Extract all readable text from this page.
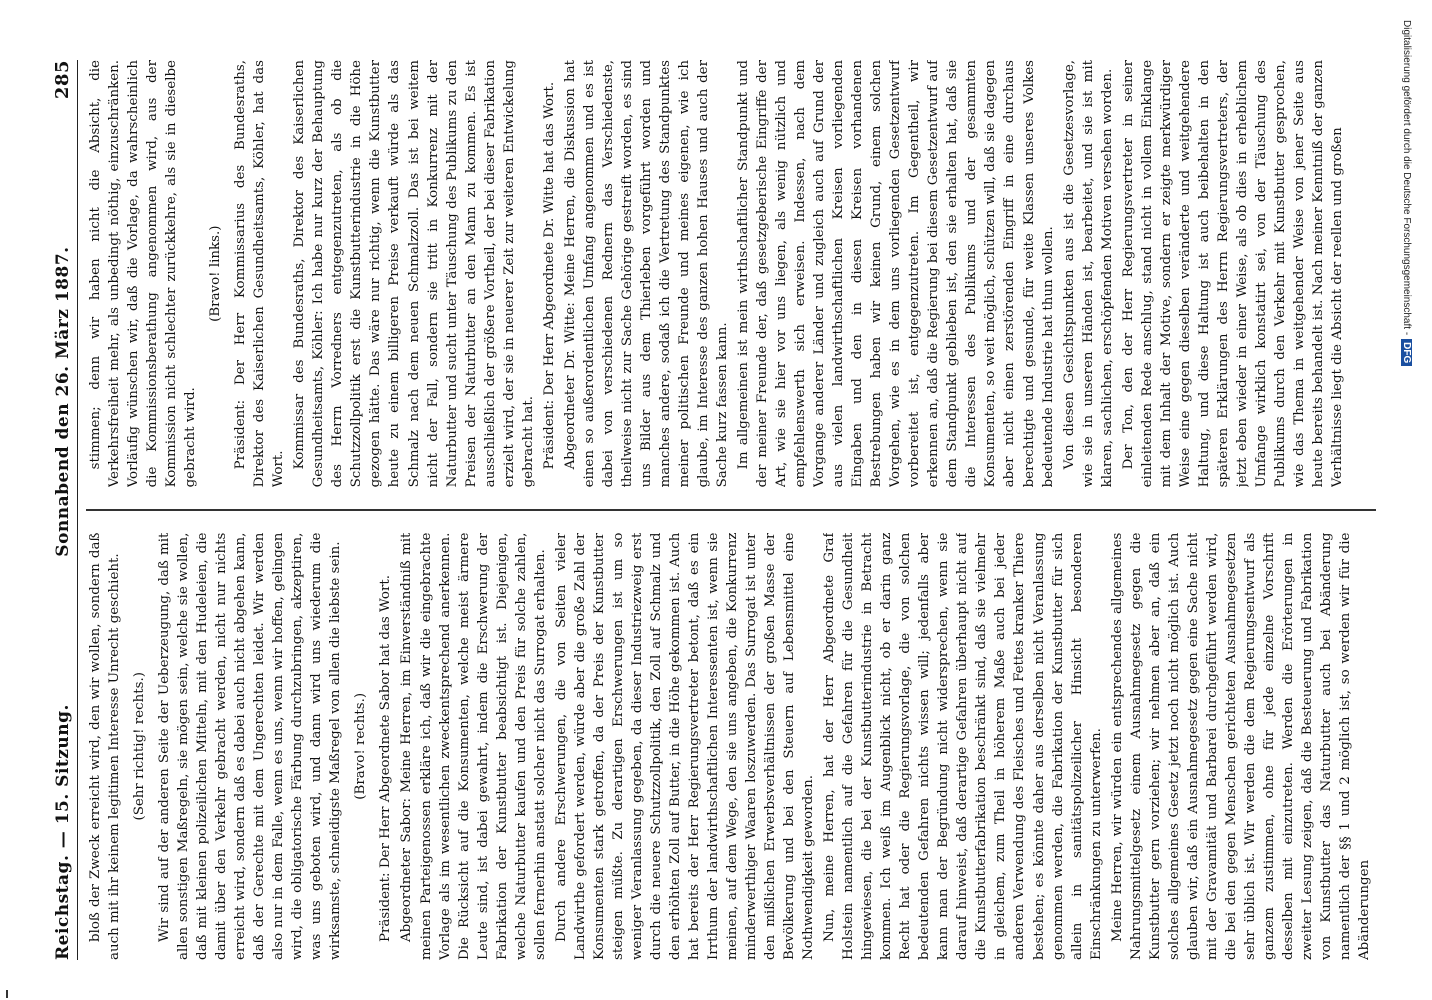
Reichstag. — 15. Sitzung.
Sonnabend den 26. März 1887.
285

bloß der Zweck erreicht wird, den wir wollen, sondern daß auch mit ihr keinem legitimen Interesse Unrecht geschieht. (Sehr richtig! rechts.) Wir sind auf der anderen Seite der Ueberzeugung, daß mit allen sonstigen Maßregeln, sie mögen sein, welche sie wollen, daß mit kleinen polizeilichen Mitteln, mit den Hudeleien, die damit über den Verkehr gebracht werden, nicht nur nichts erreicht wird, sondern daß es dabei auch nicht abgehen kann, daß der Gerechte mit dem Ungerechten leidet. Wir werden also nur in dem Falle, wenn es uns, wenn wir hoffen, gelingen wird, die obligatorische Färbung durchzubringen, akzeptiren, was uns geboten wird, und dann wird uns wiederum die wirksamste, schneidigste Maßregel von allen die liebste sein. (Bravo! rechts.) Präsident: Der Herr Abgeordnete Sabor hat das Wort. Abgeordneter Sabor: Meine Herren, im Einverständniß mit meinen Parteigenossen erkläre ich, daß wir die eingebrachte Vorlage als im wesentlichen zweckentsprechend anerkennen. Die Rücksicht auf die Konsumenten, welche meist ärmere Leute sind, ist dabei gewahrt, indem die Erschwerung der Fabrikation der Kunstbutter beabsichtigt ist. Diejenigen, welche Naturbutter kaufen und den Preis für solche zahlen, sollen fernerhin anstatt solcher nicht das Surrogat erhalten. Durch andere Erschwerungen, die von Seiten vieler Landwirthe gefordert werden, würde aber die große Zahl der Konsumenten stark getroffen, da der Preis der Kunstbutter steigen müßte. Zu derartigen Erschwerungen ist um so weniger Veranlassung gegeben, da dieser Industriezweig erst durch die neuere Schutzzollpolitik, den Zoll auf Schmalz und den erhöhten Zoll auf Butter, in die Höhe gekommen ist. Auch hat bereits der Herr Regierungsvertreter betont, daß es ein Irrthum der landwirthschaftlichen Interessenten ist, wenn sie meinen, auf dem Wege, den sie uns angeben, die Konkurrenz minderwerthiger Waaren loszuwerden. Das Surrogat ist unter den mißlichen Erwerbsverhältnissen der großen Masse der Bevölkerung und bei den Steuern auf Lebensmittel eine Nothwendigkeit geworden. Nun, meine Herren, hat der Herr Abgeordnete Graf Holstein namentlich auf die Gefahren für die Gesundheit hingewiesen, die bei der Kunstbutterindustrie in Betracht kommen. Ich weiß im Augenblick nicht, ob er darin ganz Recht hat oder die Regierungsvorlage, die von solchen bedeutenden Gefahren nichts wissen will; jedenfalls aber kann man der Begründung nicht widersprechen, wenn sie darauf hinweist, daß derartige Gefahren überhaupt nicht auf die Kunstbutterfabrikation beschränkt sind, daß sie vielmehr in gleichem, zum Theil in höherem Maße auch bei jeder anderen Verwendung des Fleisches und Fettes kranker Thiere bestehen; es könnte daher aus derselben nicht Veranlassung genommen werden, die Fabrikation der Kunstbutter für sich allein in sanitätspolizeilicher Hinsicht besonderen Einschränkungen zu unterwerfen. Meine Herren, wir würden ein entsprechendes allgemeines Nahrungsmittelgesetz einem Ausnahmegesetz gegen die Kunstbutter gern vorziehen; wir nehmen aber an, daß ein solches allgemeines Gesetz jetzt noch nicht möglich ist. Auch glauben wir, daß ein Ausnahmegesetz gegen eine Sache nicht mit der Gravamität und Barbarei durchgeführt werden wird, die bei den gegen Menschen gerichteten Ausnahmegesetzen sehr üblich ist. Wir werden die dem Regierungsentwurf als ganzem zustimmen, ohne für jede einzelne Vorschrift desselben mit einzutreten. Werden die Erörterungen in zweiter Lesung zeigen, daß die Besteuerung und Fabrikation von Kunstbutter das Naturbutter auch bei Abänderung namentlich der §§ 1 und 2 möglich ist, so werden wir für die Abänderungen

stimmen; denn wir haben nicht die Absicht, die Verkehrsfreiheit mehr, als unbedingt nöthig, einzuschränken. Vorläufig wünschen wir, daß die Vorlage, da wahrscheinlich die Kommissionsberathung angenommen wird, aus der Kommission nicht schlechter zurückkehre, als sie in dieselbe gebracht wird.

(Bravo! links.) Präsident: Der Herr Kommissarius des Bundesraths, Direktor des Kaiserlichen Gesundheitsamts, Köhler, hat das Wort. Kommissar des Bundesraths, Direktor des Kaiserlichen Gesundheitsamts, Köhler: Ich habe nur kurz der Behauptung des Herrn Vorredners entgegenzutreten, als ob die Schutzzollpolitik erst die Kunstbutterindustrie in die Höhe gezogen hätte. Das wäre nur richtig, wenn die Kunstbutter heute zu einem billigeren Preise verkauft würde als das Schmalz nach dem neuen Schmalzzoll. Das ist bei weitem nicht der Fall, sondern sie tritt in Konkurrenz mit der Naturbutter und sucht unter Täuschung des Publikums zu den Preisen der Naturbutter an den Mann zu kommen. Es ist ausschließlich der größere Vortheil, der bei dieser Fabrikation erzielt wird, der sie in neuerer Zeit zur weiteren Entwickelung gebracht hat. Präsident: Der Herr Abgeordnete Dr. Witte hat das Wort. Abgeordneter Dr. Witte: Meine Herren, die Diskussion hat einen so außerordentlichen Umfang angenommen und es ist dabei von verschiedenen Rednern das Verschiedenste, theilweise nicht zur Sache Gehörige gestreift worden, es sind uns Bilder aus dem Thierleben vorgeführt worden und manches andere, sodaß ich die Vertretung des Standpunktes meiner politischen Freunde und meines eigenen, wie ich glaube, im Interesse des ganzen hohen Hauses und auch der Sache kurz fassen kann. Im allgemeinen ist mein wirthschaftlicher Standpunkt und der meiner Freunde der, daß gesetzgeberische Eingriffe der Art, wie sie hier vor uns liegen, als wenig nützlich und empfehlenswerth sich erweisen. Indessen, nach dem Vorgange anderer Länder und zugleich auch auf Grund der aus vielen landwirthschaftlichen Kreisen vorliegenden Eingaben und den in diesen Kreisen vorhandenen Bestrebungen haben wir keinen Grund, einem solchen Vorgehen, wie es in dem uns vorliegenden Gesetzentwurf vorbereitet ist, entgegenzutreten. Im Gegentheil, wir erkennen an, daß die Regierung bei diesem Gesetzentwurf auf dem Standpunkt geblieben ist, den sie erhalten hat, daß sie die Interessen des Publikums und der gesammten Konsumenten, so weit möglich, schützen will, daß sie dagegen aber nicht einen zerstörenden Eingriff in eine durchaus berechtigte und gesunde, für weite Klassen unseres Volkes bedeutende Industrie hat thun wollen. Von diesen Gesichtspunkten aus ist die Gesetzesvorlage, wie sie in unseren Händen ist, bearbeitet, und sie ist mit klaren, sachlichen, erschöpfenden Motiven versehen worden. Der Ton, den der Herr Regierungsvertreter in seiner einleitenden Rede anschlug, stand nicht in vollem Einklange mit dem Inhalt der Motive, sondern er zeigte merkwürdiger Weise eine gegen dieselben veränderte und weitgehendere Haltung, und diese Haltung ist auch beibehalten in den späteren Erklärungen des Herrn Regierungsvertreters, der jetzt eben wieder in einer Weise, als ob dies in erheblichem Umfange wirklich konstatirt sei, von der Täuschung des Publikums durch den Verkehr mit Kunstbutter gesprochen, wie das Thema in weitgehender Weise von jener Seite aus heute bereits behandelt ist. Nach meiner Kenntniß der ganzen Verhältnisse liegt die Absicht der reellen und großen	Digitalisierung gefördert durch die Deutsche Forschungsgemeinschaft -DFG
